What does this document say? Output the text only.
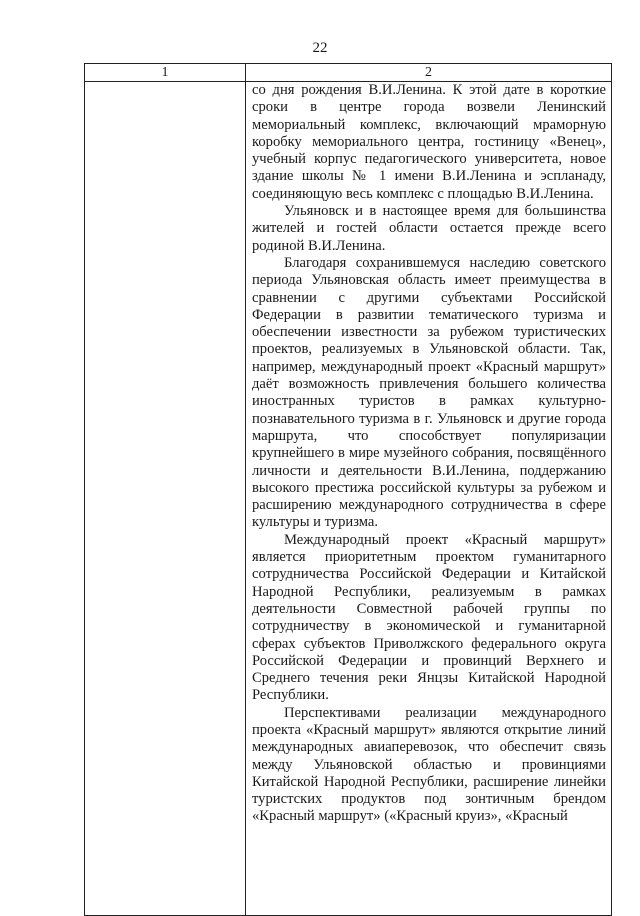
22
1	2

	со дня рождения В.И.Ленина. К этой дате в короткие сроки в центре города возвели Ленинский мемориальный комплекс, включающий мраморную коробку мемориального центра, гостиницу «Венец», учебный корпус педагогического университета, новое здание школы № 1 имени В.И.Ленина и эспланаду, соединяющую весь комплекс с площадью В.И.Ленина.

Ульяновск и в настоящее время для большинства жителей и гостей области остается прежде всего родиной В.И.Ленина.

Благодаря сохранившемуся наследию советского периода Ульяновская область имеет преимущества в сравнении с другими субъектами Российской Федерации в развитии тематического туризма и обеспечении известности за рубежом туристических проектов, реализуемых в Ульяновской области. Так, например, международный проект «Красный маршрут» даёт возможность привлечения большего количества иностранных туристов в рамках культурно-познавательного туризма в г. Ульяновск и другие города маршрута, что способствует популяризации крупнейшего в мире музейного собрания, посвящённого личности и деятельности В.И.Ленина, поддержанию высокого престижа российской культуры за рубежом и расширению международного сотрудничества в сфере культуры и туризма.

Международный проект «Красный маршрут» является приоритетным проектом гуманитарного сотрудничества Российской Федерации и Китайской Народной Республики, реализуемым в рамках деятельности Совместной рабочей группы по сотрудничеству в экономической и гуманитарной сферах субъектов Приволжского федерального округа Российской Федерации и провинций Верхнего и Среднего течения реки Янцзы Китайской Народной Республики.

Перспективами реализации международного проекта «Красный маршрут» являются открытие линий международных авиаперевозок, что обеспечит связь между Ульяновской областью и провинциями Китайской Народной Республики, расширение линейки туристских продуктов под зонтичным брендом «Красный маршрут» («Красный круиз», «Красный
